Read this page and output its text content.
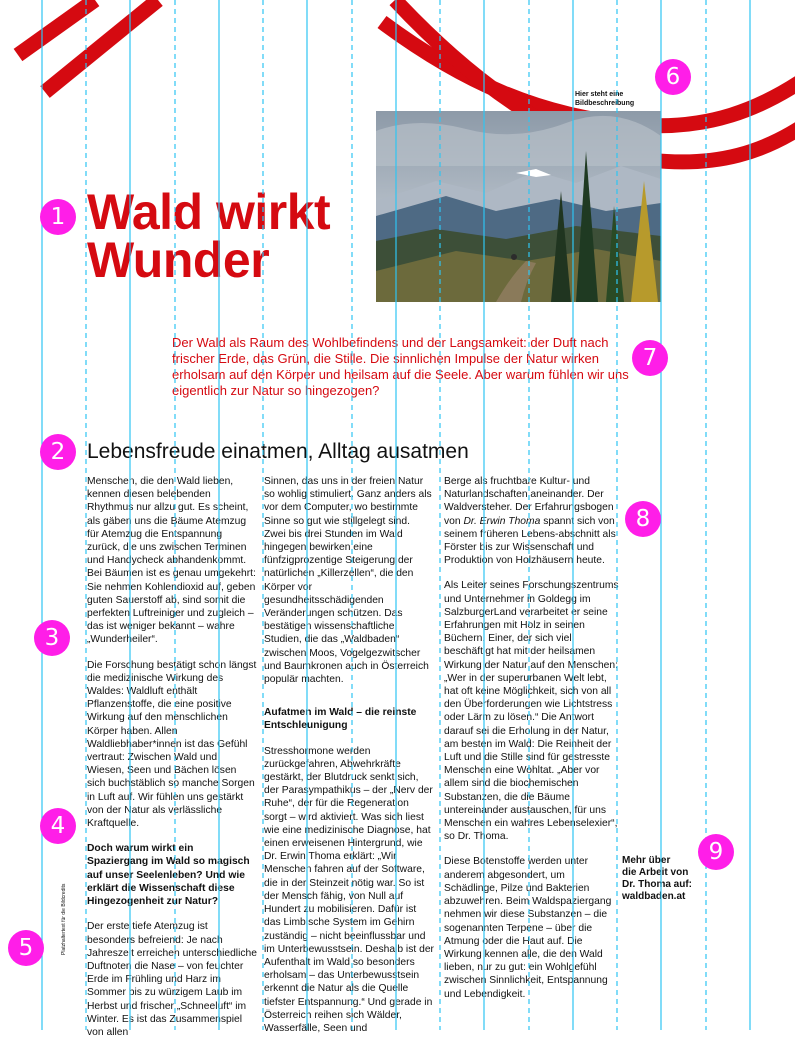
Hier steht eine Bildbeschreibung
Wald wirkt
Wunder

Der Wald als Raum des Wohlbefindens und der Langsamkeit: der Duft nach frischer Erde, das Grün, die Stille. Die sinnlichen Impulse der Natur wirken erholsam auf den Körper und heilsam auf die Seele. Aber warum fühlen wir uns eigentlich zur Natur so hingezogen?

Lebensfreude einatmen, Alltag ausatmen

Menschen, die den Wald lieben, kennen diesen belebenden Rhythmus nur allzu gut. Es scheint, als gäben uns die Bäume Atemzug für Atemzug die Entspannung zurück, die uns zwischen Terminen und Handycheck abhandenkommt. Bei Bäumen ist es genau umgekehrt: Sie nehmen Kohlendioxid auf, geben guten Sauerstoff ab, sind somit die perfekten Luftreiniger und zugleich – das ist weniger bekannt – wahre „Wunderheiler“.

Die Forschung bestätigt schon längst die medizinische Wirkung des Waldes: Waldluft enthält Pflanzenstoffe, die eine positive Wirkung auf den menschlichen Körper haben. Allen Waldliebhaber*innen ist das Gefühl vertraut: Zwischen Wald und Wiesen, Seen und Bächen lösen sich buchstäblich so manche Sorgen in Luft auf. Wir fühlen uns gestärkt von der Natur als verlässliche Kraftquelle.

Doch warum wirkt ein Spaziergang im Wald so magisch auf unser Seelenleben? Und wie erklärt die Wissenschaft diese Hingezogenheit zur Natur?

Der erste tiefe Atemzug ist besonders befreiend: Je nach Jahreszeit erreichen unterschiedliche Duftnoten die Nase – von feuchter Erde im Frühling und Harz im Sommer bis zu würzigem Laub im Herbst und frischer „Schneeluft“ im Winter. Es ist das Zusammenspiel von allen

Sinnen, das uns in der freien Natur so wohlig stimuliert. Ganz anders als vor dem Computer, wo bestimmte Sinne so gut wie stillgelegt sind. Zwei bis drei Stunden im Wald hingegen bewirken eine fünfzigprozentige Steigerung der natürlichen „Killerzellen“, die den Körper vor gesundheitsschädigenden Veränderungen schützen. Das bestätigen wissenschaftliche Studien, die das „Waldbaden“ zwischen Moos, Vogelgezwitscher und Baumkronen auch in Österreich populär machten.

Aufatmen im Wald – die reinste Entschleunigung

Stresshormone werden zurückgefahren, Abwehrkräfte gestärkt, der Blutdruck senkt sich, der Parasympathikus – der „Nerv der Ruhe“, der für die Regeneration sorgt – wird aktiviert. Was sich liest wie eine medizinische Diagnose, hat einen erweisenen Hintergrund, wie Dr. Erwin Thoma erklärt: „Wir Menschen fahren auf der Software, die in der Steinzeit nötig war. So ist der Mensch fähig, von Null auf Hundert zu mobilisieren. Dafür ist das Limbische System im Gehirn zuständig – nicht beeinflussbar und im Unterbewusstsein. Deshalb ist der Aufenthalt im Wald so besonders erholsam – das Unterbewusstsein erkennt die Natur als die Quelle tiefster Entspannung.“ Und gerade in Österreich reihen sich Wälder, Wasserfälle, Seen und

Berge als fruchtbare Kultur- und Naturlandschaften aneinander. Der Waldversteher. Der Erfahrungsbogen von Dr. Erwin Thoma spannt sich von seinem früheren Lebens-abschnitt als Förster bis zur Wissenschaft und Produktion von Holzhäusern heute.

Als Leiter seines Forschungszentrums und Unternehmer in Goldegg im SalzburgerLand verarbeitet er seine Erfahrungen mit Holz in seinen Büchern. Einer, der sich viel beschäftigt hat mit der heilsamen Wirkung der Natur auf den Menschen: „Wer in der superurbanen Welt lebt, hat oft keine Möglichkeit, sich von all den Überforderungen wie Lichtstress oder Lärm zu lösen.“ Die Antwort darauf sei die Erholung in der Natur, am besten im Wald: Die Reinheit der Luft und die Stille sind für gestresste Menschen eine Wohltat. „Aber vor allem sind die biochemischen Substanzen, die die Bäume untereinander austauschen, für uns Menschen ein wahres Lebenselexier“, so Dr. Thoma.

Diese Botenstoffe werden unter anderem abgesondert, um Schädlinge, Pilze und Bakterien abzuwehren. Beim Waldspaziergang nehmen wir diese Substanzen – die sogenannten Terpene – über die Atmung oder die Haut auf. Die Wirkung kennen alle, die den Wald lieben, nur zu gut: ein Wohlgefühl zwischen Sinnlichkeit, Entspannung und Lebendigkeit.

Mehr über
die Arbeit von
Dr. Thoma auf:
waldbaden.at
Platzhaltertext für die Bildcredits
1
2
3
4
5
6
7
8
9
